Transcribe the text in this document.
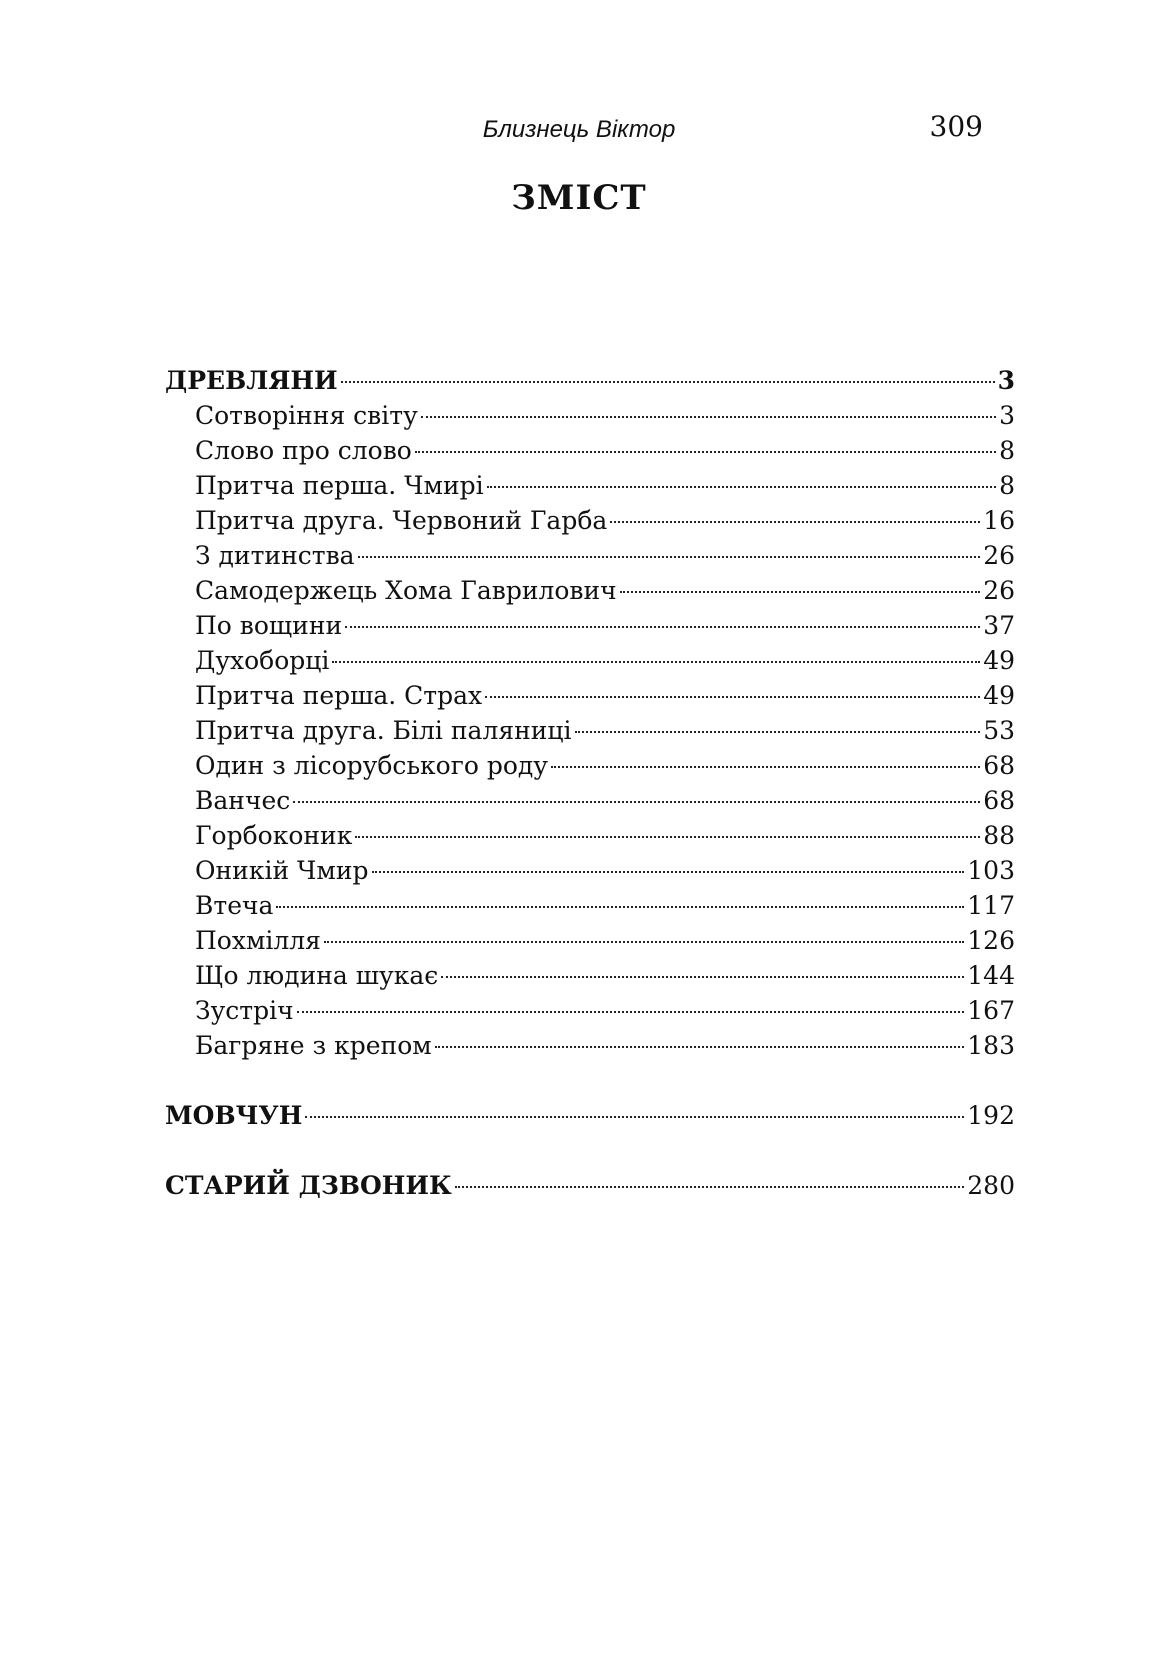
Близнець Віктор	309
ЗМІСТ
ДРЕВЛЯНИ	3
Сотворіння світу	3
Слово про слово	8
Притча перша. Чмирі	8
Притча друга. Червоний Гарба	16
З дитинства	26
Самодержець Хома Гаврилович	26
По вощини	37
Духоборці	49
Притча перша. Страх	49
Притча друга. Білі паляниці	53
Один з лісорубського роду	68
Ванчес	68
Горбоконик	88
Оникій Чмир	103
Втеча	117
Похмілля	126
Що людина шукає	144
Зустріч	167
Багряне з крепом	183
МОВЧУН	192
СТАРИЙ ДЗВОНИК	280
